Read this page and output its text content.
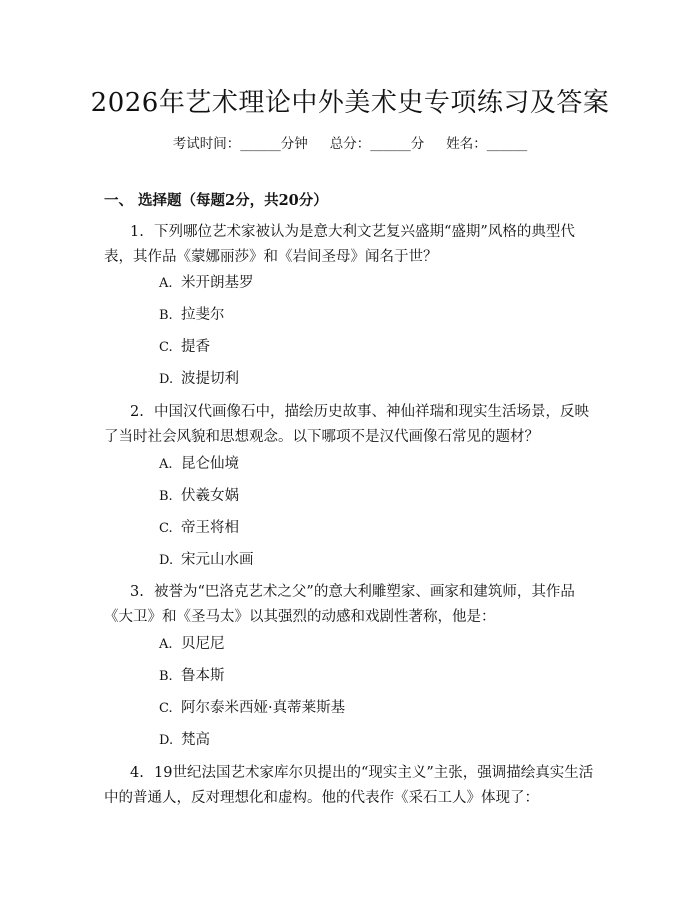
2026年艺术理论中外美术史专项练习及答案
考试时间：______分钟 总分：______分 姓名：______
一、 选择题（每题2分，共20分）
1. 下列哪位艺术家被认为是意大利文艺复兴盛期“盛期”风格的典型代表，其作品《蒙娜丽莎》和《岩间圣母》闻名于世？
A. 米开朗基罗
B. 拉斐尔
C. 提香
D. 波提切利
2. 中国汉代画像石中，描绘历史故事、神仙祥瑞和现实生活场景，反映了当时社会风貌和思想观念。以下哪项不是汉代画像石常见的题材？
A. 昆仑仙境
B. 伏羲女娲
C. 帝王将相
D. 宋元山水画
3. 被誉为“巴洛克艺术之父”的意大利雕塑家、画家和建筑师，其作品《大卫》和《圣马太》以其强烈的动感和戏剧性著称，他是：
A. 贝尼尼
B. 鲁本斯
C. 阿尔泰米西娅·真蒂莱斯基
D. 梵高
4. 19世纪法国艺术家库尔贝提出的“现实主义”主张，强调描绘真实生活中的普通人，反对理想化和虚构。他的代表作《采石工人》体现了：
